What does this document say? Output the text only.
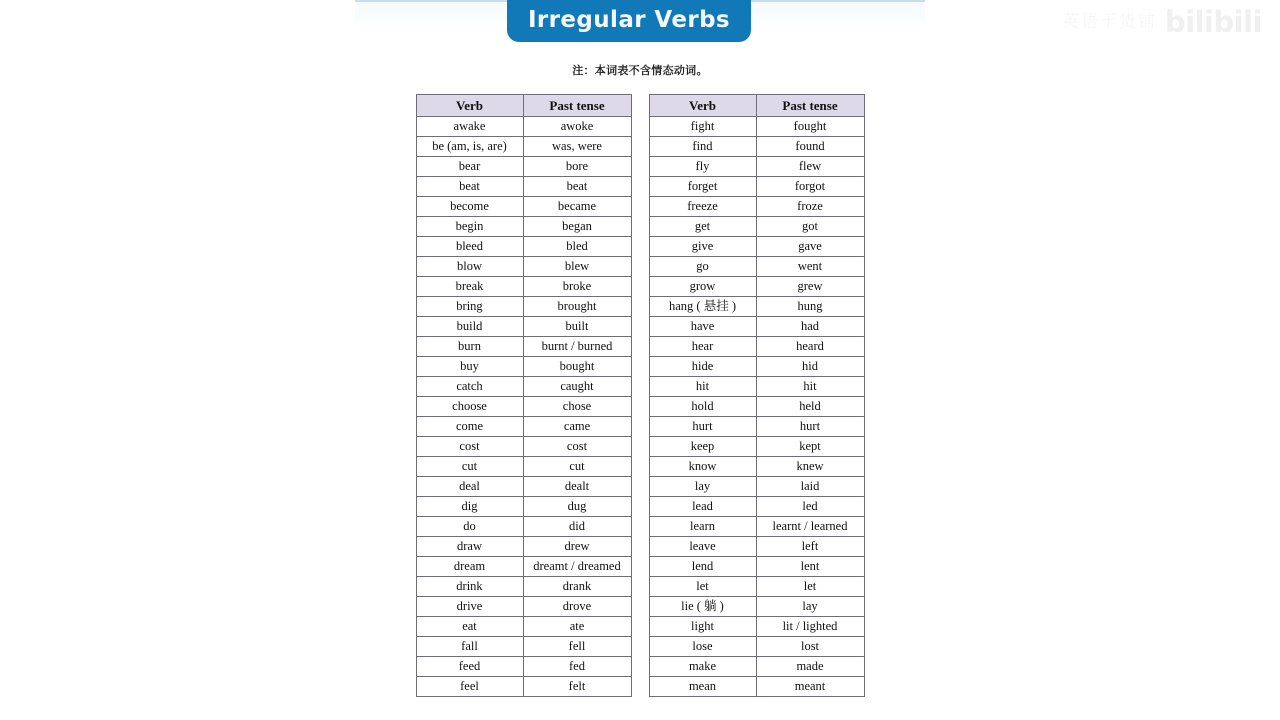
Irregular Verbs	英语干货铺 bilibili
注：本词表不含情态动词。
Verb	Past tense
awake	awoke
be (am, is, are)	was, were
bear	bore
beat	beat
become	became
begin	began
bleed	bled
blow	blew
break	broke
bring	brought
build	built
burn	burnt / burned
buy	bought
catch	caught
choose	chose
come	came
cost	cost
cut	cut
deal	dealt
dig	dug
do	did
draw	drew
dream	dreamt / dreamed
drink	drank
drive	drove
eat	ate
fall	fell
feed	fed
feel	felt
Verb	Past tense
fight	fought
find	found
fly	flew
forget	forgot
freeze	froze
get	got
give	gave
go	went
grow	grew
hang ( 悬挂 )	hung
have	had
hear	heard
hide	hid
hit	hit
hold	held
hurt	hurt
keep	kept
know	knew
lay	laid
lead	led
learn	learnt / learned
leave	left
lend	lent
let	let
lie ( 躺 )	lay
light	lit / lighted
lose	lost
make	made
mean	meant
